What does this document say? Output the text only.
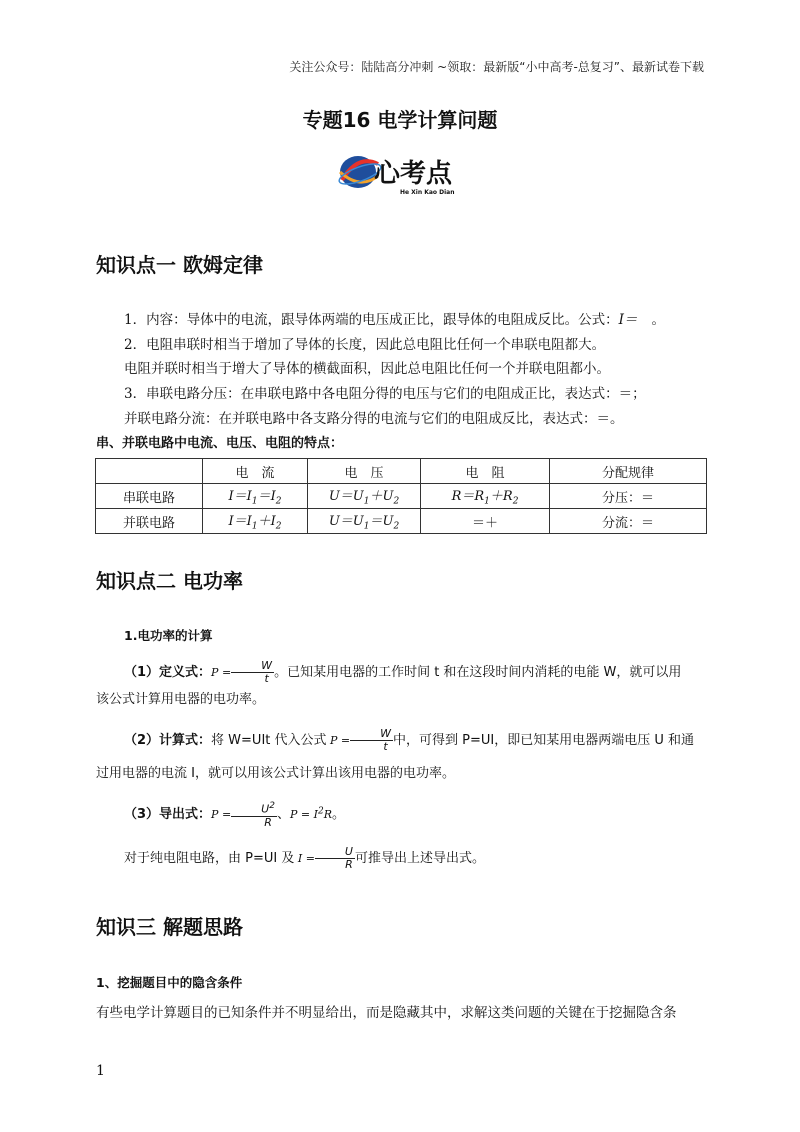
关注公众号：陆陆高分冲刺 ~领取：最新版“小中高考-总复习”、最新试卷下载
专题16 电学计算问题
心考点
He Xin Kao Dian
知识点一 欧姆定律
1．内容：导体中的电流，跟导体两端的电压成正比，跟导体的电阻成反比。公式：I＝ 。
2．电阻串联时相当于增加了导体的长度，因此总电阻比任何一个串联电阻都大。
电阻并联时相当于增大了导体的横截面积，因此总电阻比任何一个并联电阻都小。
3．串联电路分压：在串联电路中各电阻分得的电压与它们的电阻成正比，表达式：＝；
并联电路分流：在并联电路中各支路分得的电流与它们的电阻成反比，表达式：＝。
串、并联电路中电流、电压、电阻的特点：
	电　流	电　压	电　阻	分配规律
串联电路	$I=I_1=I_2$	$U=U_1+U_2$	$R=R_1+R_2$	分压：＝
并联电路	$I=I_1+I_2$	$U=U_1=U_2$	＝＋	分流：＝
知识点二 电功率
1.电功率的计算
（1）定义式：$P = \frac{W}{t}$ 。已知某用电器的工作时间 t 和在这段时间内消耗的电能 W，就可以用
该公式计算用电器的电功率。
（2）计算式：将 W=UIt 代入公式 $P = \frac{W}{t}$ 中，可得到 P=UI，即已知某用电器两端电压 U 和通
过用电器的电流 I，就可以用该公式计算出该用电器的电功率。
（3）导出式：$P = \frac{U^2}{R}$ 、$P = I^2R$。
对于纯电阻电路，由 P=UI 及 $I = \frac{U}{R}$ 可推导出上述导出式。
知识三 解题思路
1、挖掘题目中的隐含条件
有些电学计算题目的已知条件并不明显给出，而是隐藏其中，求解这类问题的关键在于挖掘隐含条
1
